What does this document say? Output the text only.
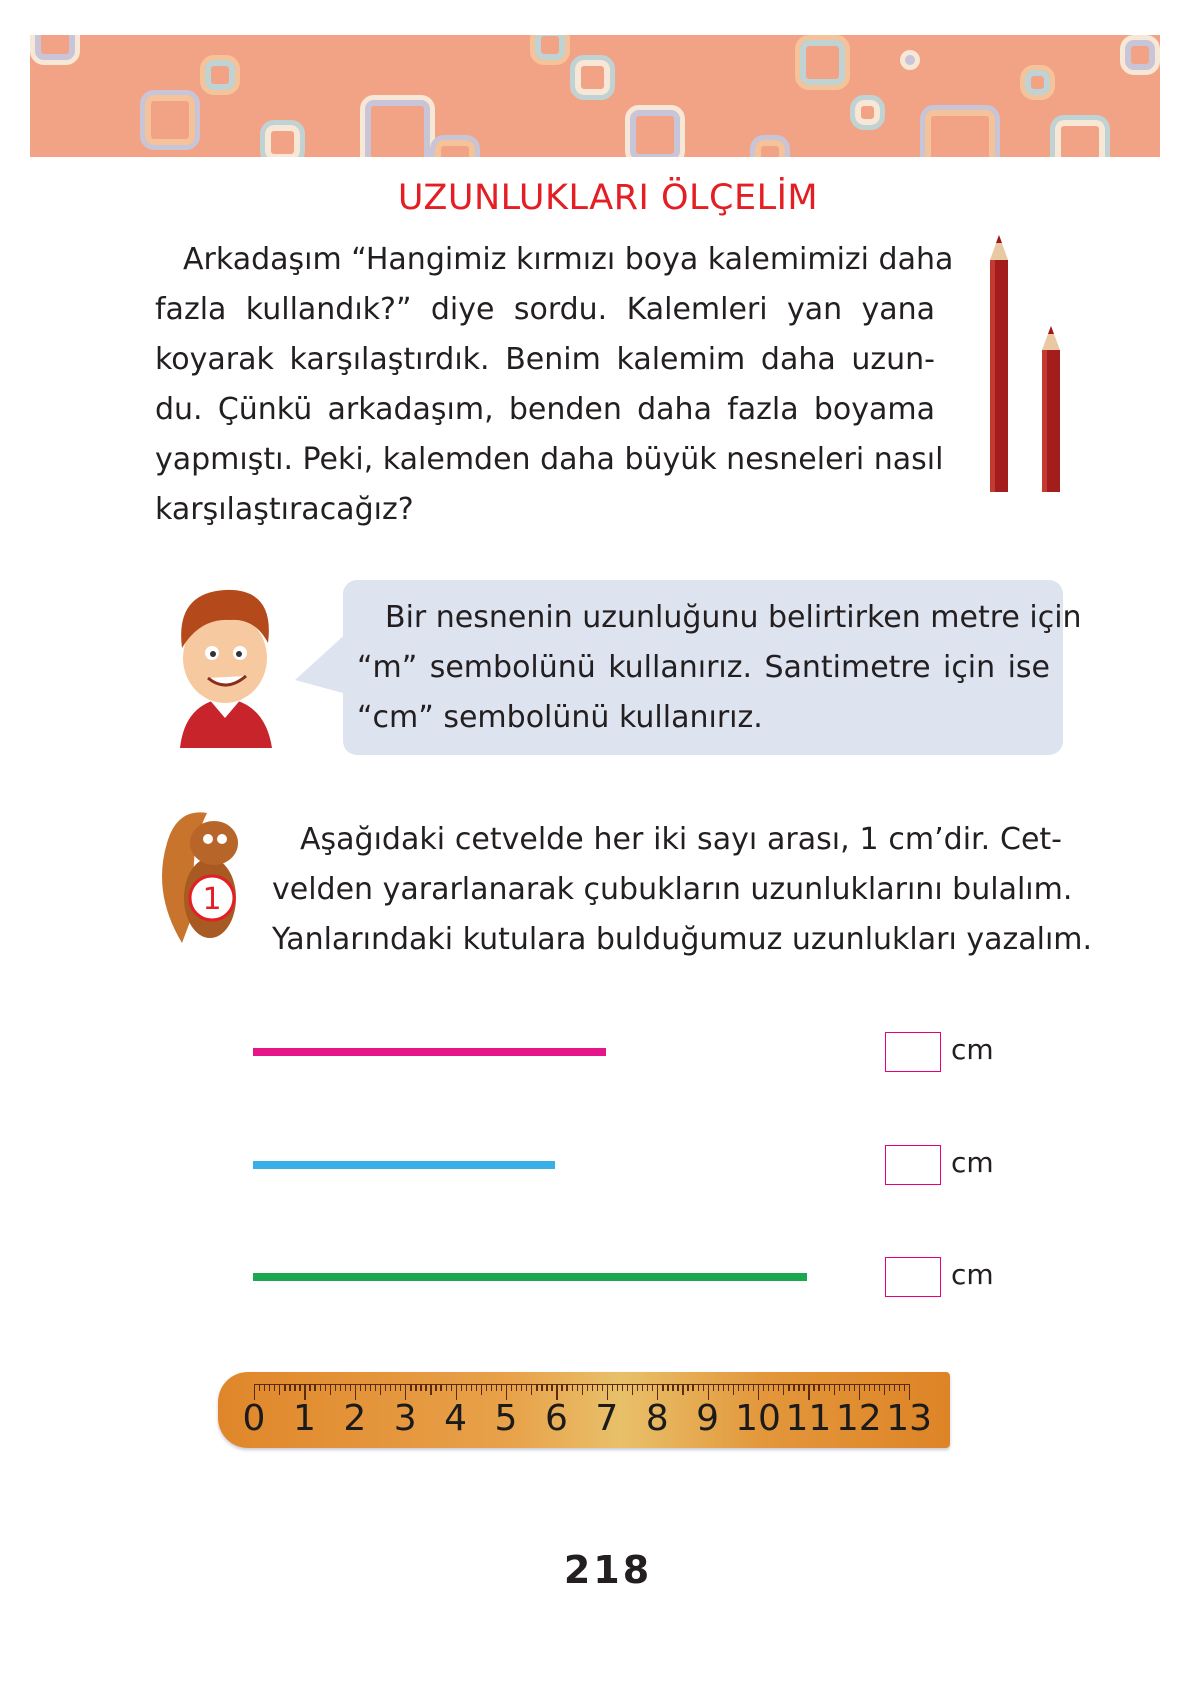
UZUNLUKLARI ÖLÇELİM
Arkadaşım “Hangimiz kırmızı boya kalemimizi daha
fazla kullandık?” diye sordu. Kalemleri yan yana
koyarak karşılaştırdık. Benim kalemim daha uzun-
du. Çünkü arkadaşım, benden daha fazla boyama
yapmıştı. Peki, kalemden daha büyük nesneleri nasıl
karşılaştıracağız?
Bir nesnenin uzunluğunu belirtirken metre için
“m” sembolünü kullanırız. Santimetre için ise
“cm” sembolünü kullanırız.
1
Aşağıdaki cetvelde her iki sayı arası, 1 cm’dir. Cet-
velden yararlanarak çubukların uzunluklarını bulalım.
Yanlarındaki kutulara bulduğumuz uzunlukları yazalım.
0 1 2 3 4 5 6 7 8 9 10 11 12 13
218
cm
cm
cm
